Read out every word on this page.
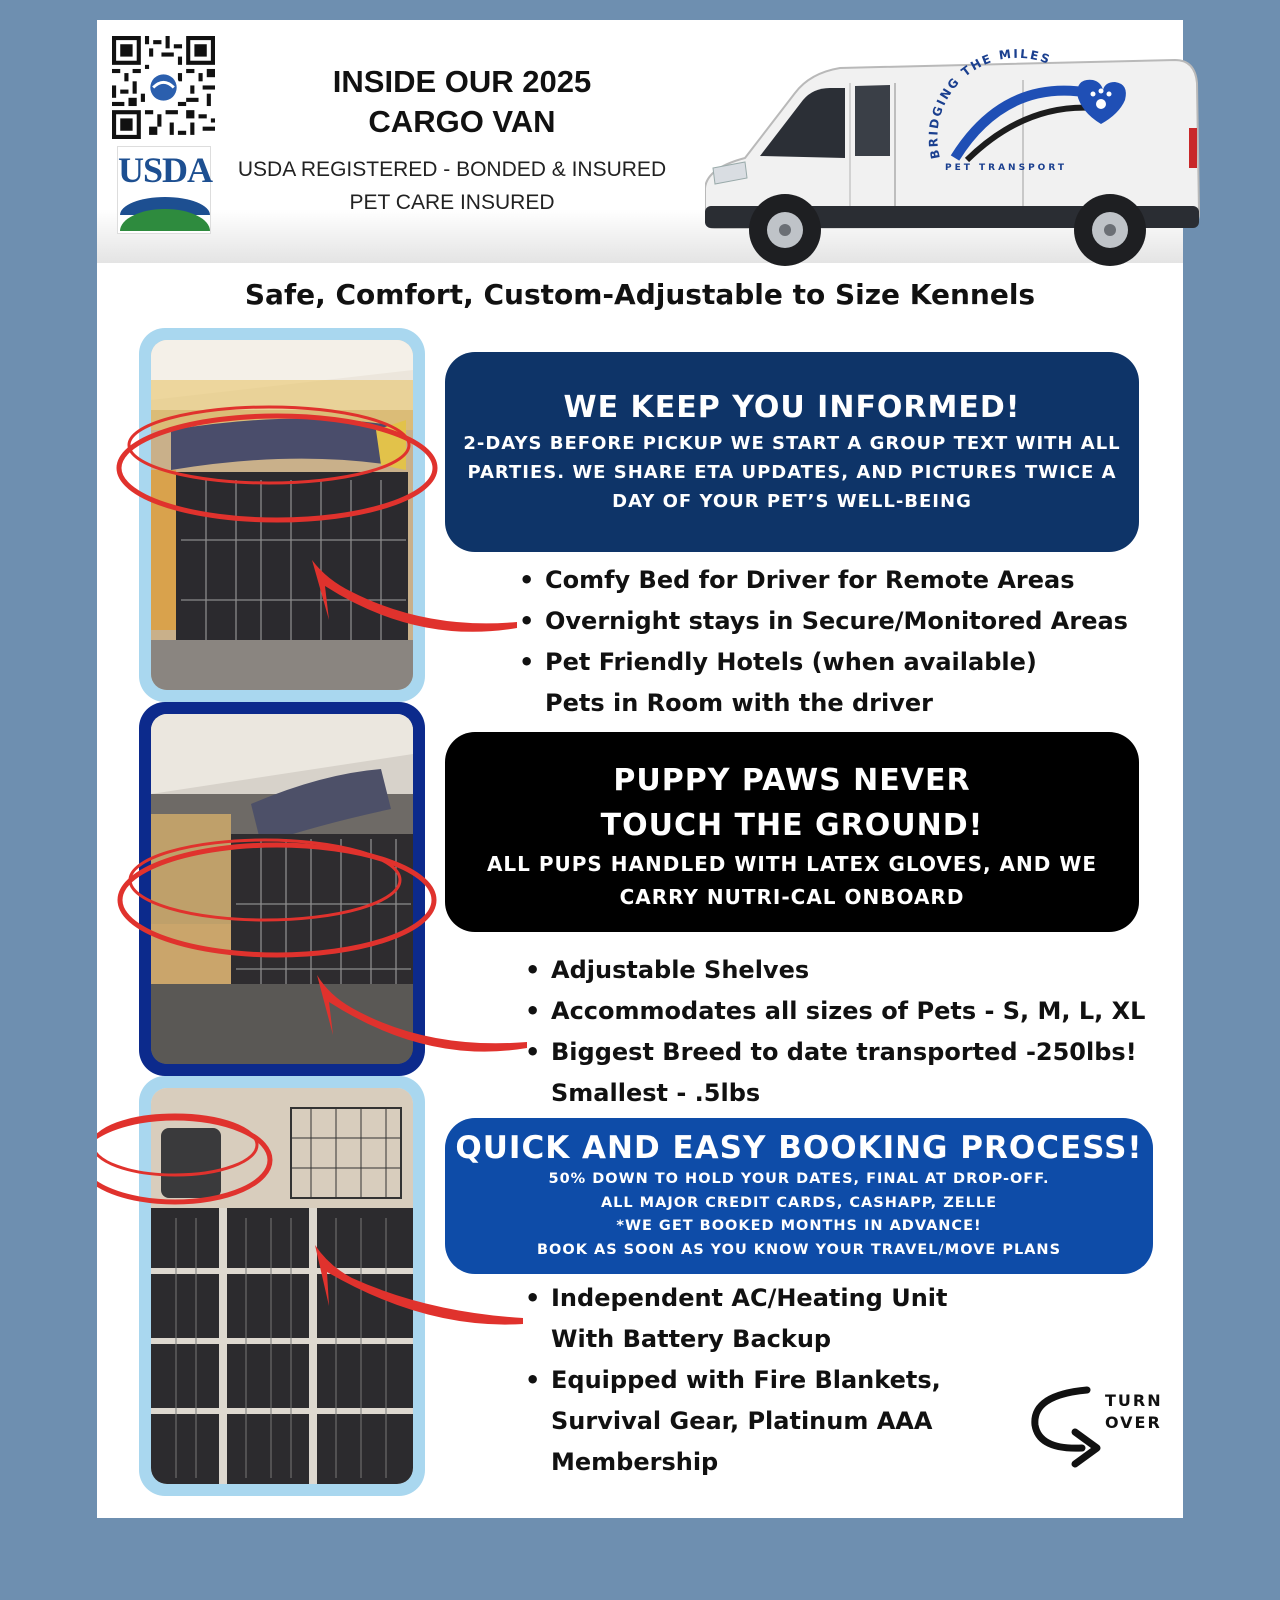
USDA
INSIDE OUR 2025
CARGO VAN
USDA REGISTERED - BONDED & INSURED
PET CARE INSURED
BRIDGING THE MILES
PET TRANSPORT
Safe, Comfort, Custom-Adjustable to Size Kennels
WE KEEP YOU INFORMED!
2-DAYS BEFORE PICKUP WE START A GROUP TEXT WITH ALL
PARTIES. WE SHARE ETA UPDATES, AND PICTURES TWICE A
DAY OF YOUR PET’S WELL-BEING
• Comfy Bed for Driver for Remote Areas
• Overnight stays in Secure/Monitored Areas
• Pet Friendly Hotels (when available)
Pets in Room with the driver
PUPPY PAWS NEVER
TOUCH THE GROUND!
ALL PUPS HANDLED WITH LATEX GLOVES, AND WE
CARRY NUTRI-CAL ONBOARD
• Adjustable Shelves
• Accommodates all sizes of Pets - S, M, L, XL
• Biggest Breed to date transported -250lbs!
Smallest - .5lbs
QUICK AND EASY BOOKING PROCESS!
50% DOWN TO HOLD YOUR DATES, FINAL AT DROP-OFF.
ALL MAJOR CREDIT CARDS, CASHAPP, ZELLE
*WE GET BOOKED MONTHS IN ADVANCE!
BOOK AS SOON AS YOU KNOW YOUR TRAVEL/MOVE PLANS
• Independent AC/Heating Unit
With Battery Backup
• Equipped with Fire Blankets,
Survival Gear, Platinum AAA
Membership
TURN
OVER
